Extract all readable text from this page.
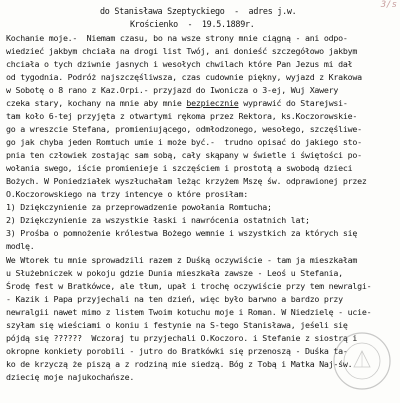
3/s
do Stanisława Szeptyckiego  -  adres j.w.
Krościenko  -  19.5.1889r.
Kochanie moje.-  Niemam czasu, bo na wsze strony mnie ciągną - ani odpo-
wiedzieć jakbym chciała na drogi list Twój, ani donieść szczegółowo jakbym
chciała o tych dziwnie jasnych i wesołych chwilach które Pan Jezus mi dał
od tygodnia. Podróż najszczęśliwsza, czas cudownie piękny, wyjazd z Krakowa
w Sobotę o 8 rano z Kaz.Orpi.- przyjazd do Iwonicza o 3-ej, Wuj Xawery
czeka stary, kochany na mnie aby mnie bezpiecznie wyprawić do Starejwsi-
tam koło 6-tej przyjęta z otwartymi rękoma przez Rektora, ks.Koczorowskie-
go a wreszcie Stefana, promieniującego, odmłodzonego, wesołego, szczęśliwe-
go jak chyba jeden Romtuch umie i może być.-  trudno opisać do jakiego sto-
pnia ten człowiek zostając sam sobą, cały skąpany w świetle i świętości po-
wołania swego, iście promienieje i szczęściem i prostotą a swobodą dzieci
Bożych. W Poniedziałek wyszłuchałam leżąc krzyżem Mszę św. odprawionej przez
O.Koczorowskiego na trzy intencye o które prosiłam:
1) Dziękczynienie za przeprowadzenie powołania Romtucha;
2) Dziękczynienie za wszystkie łaski i nawrócenia ostatnich lat;
3) Prośba o pomnożenie królestwa Bożego wemnie i wszystkich za których się
modlę.
We Wtorek tu mnie sprowadzili razem z Duśką oczywiście - tam ja mieszkałam
u Służebniczek w pokoju gdzie Dunia mieszkała zawsze - Leoś u Stefania,
Środę fest w Bratkówce, ale tłum, upał i trochę oczywiście przy tem newralgi-
- Kazik i Papa przyjechali na ten dzień, więc było barwno a bardzo przy
newralgii nawet mimo z listem Twoim kotuchu moje i Roman. W Niedzielę - ucie-
szyłam się wieściami o koniu i festynie na S-tego Stanisława, jeśeli się
pójdą się ??????  Wczoraj tu przyjechali O.Koczoro. i Stefanie z siostrą i
okropne konkiety porobili - jutro do Bratkówki się przenoszą - Duśka ta-
ko de krzyczą że piszą a z rodziną mie siedzą. Bóg z Tobą i Matka Naj-św.
dziecię moje najukochańsze.
